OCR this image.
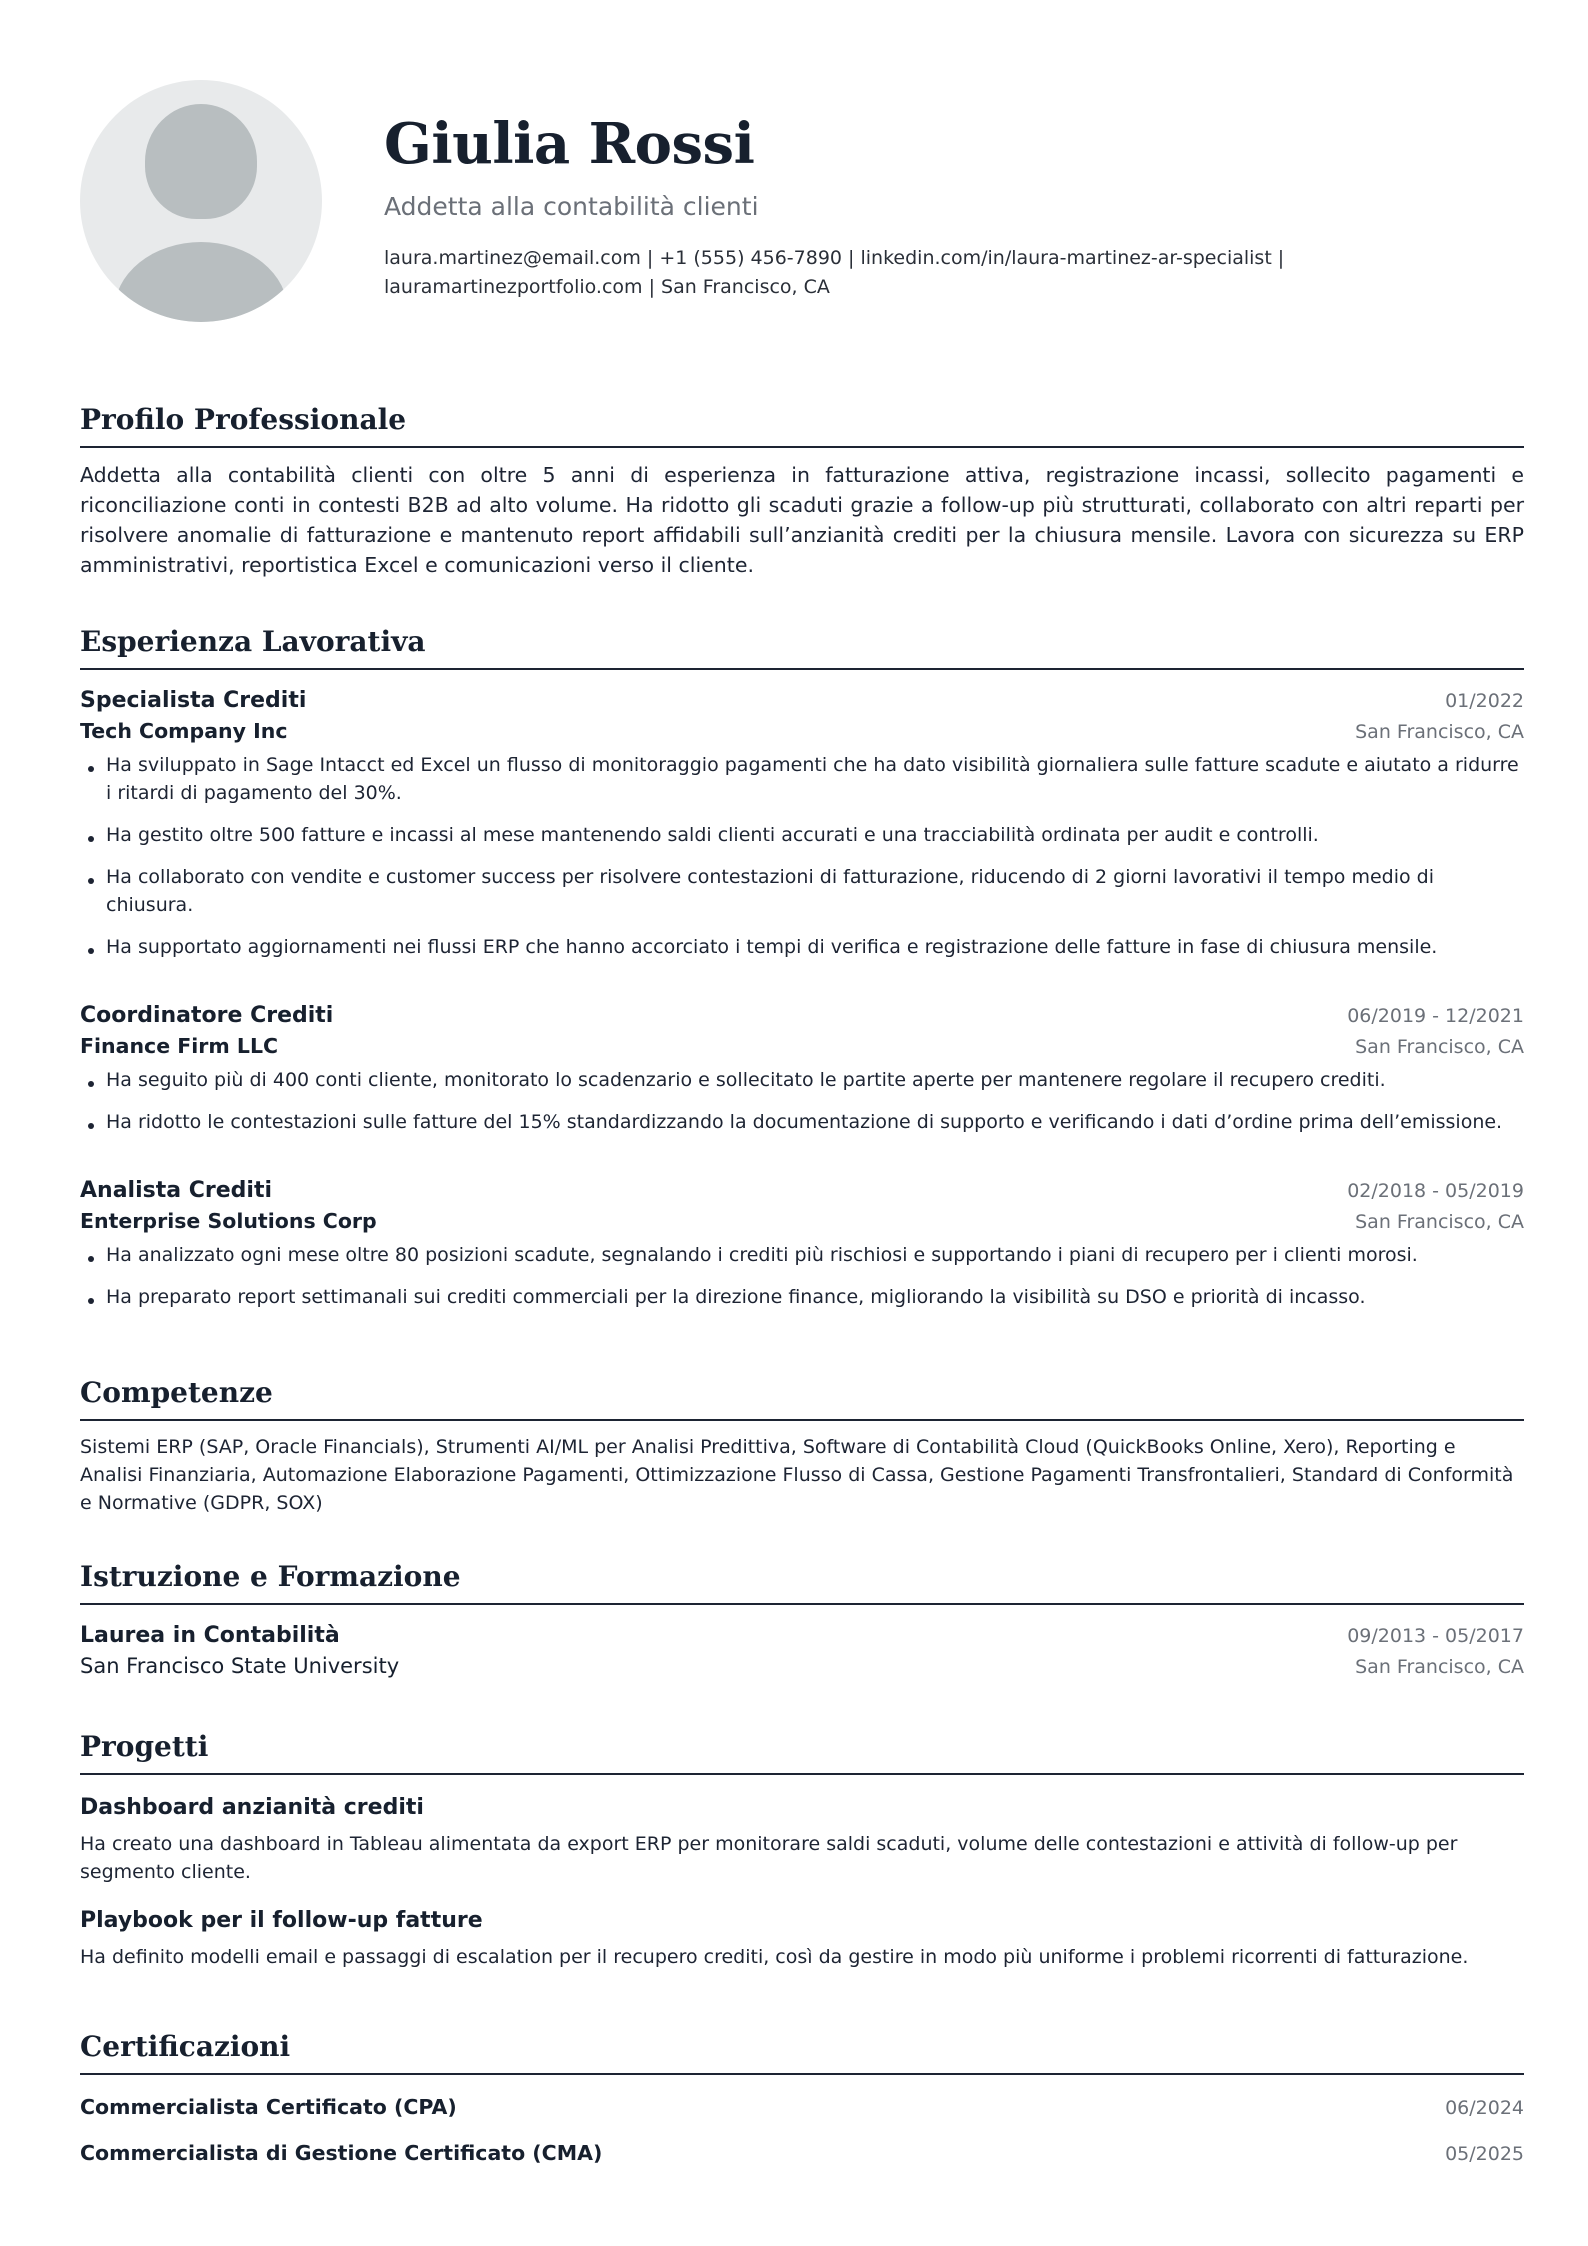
Giulia Rossi
Addetta alla contabilità clienti
laura.martinez@email.com | +1 (555) 456-7890 | linkedin.com/in/laura-martinez-ar-specialist |
lauramartinezportfolio.com | San Francisco, CA
Profilo Professionale
Addetta alla contabilità clienti con oltre 5 anni di esperienza in fatturazione attiva, registrazione incassi, sollecito pagamenti e riconciliazione conti in contesti B2B ad alto volume. Ha ridotto gli scaduti grazie a follow-up più strutturati, collaborato con altri reparti per risolvere anomalie di fatturazione e mantenuto report affidabili sull’anzianità crediti per la chiusura mensile. Lavora con sicurezza su ERP amministrativi, reportistica Excel e comunicazioni verso il cliente.
Esperienza Lavorativa
Specialista Crediti	01/2022
Tech Company Inc	San Francisco, CA
Ha sviluppato in Sage Intacct ed Excel un flusso di monitoraggio pagamenti che ha dato visibilità giornaliera sulle fatture scadute e aiutato a ridurre i ritardi di pagamento del 30%.
Ha gestito oltre 500 fatture e incassi al mese mantenendo saldi clienti accurati e una tracciabilità ordinata per audit e controlli.
Ha collaborato con vendite e customer success per risolvere contestazioni di fatturazione, riducendo di 2 giorni lavorativi il tempo medio di chiusura.
Ha supportato aggiornamenti nei flussi ERP che hanno accorciato i tempi di verifica e registrazione delle fatture in fase di chiusura mensile.
Coordinatore Crediti	06/2019 - 12/2021
Finance Firm LLC	San Francisco, CA
Ha seguito più di 400 conti cliente, monitorato lo scadenzario e sollecitato le partite aperte per mantenere regolare il recupero crediti.
Ha ridotto le contestazioni sulle fatture del 15% standardizzando la documentazione di supporto e verificando i dati d’ordine prima dell’emissione.
Analista Crediti	02/2018 - 05/2019
Enterprise Solutions Corp	San Francisco, CA
Ha analizzato ogni mese oltre 80 posizioni scadute, segnalando i crediti più rischiosi e supportando i piani di recupero per i clienti morosi.
Ha preparato report settimanali sui crediti commerciali per la direzione finance, migliorando la visibilità su DSO e priorità di incasso.
Competenze
Sistemi ERP (SAP, Oracle Financials), Strumenti AI/ML per Analisi Predittiva, Software di Contabilità Cloud (QuickBooks Online, Xero), Reporting e Analisi Finanziaria, Automazione Elaborazione Pagamenti, Ottimizzazione Flusso di Cassa, Gestione Pagamenti Transfrontalieri, Standard di Conformità e Normative (GDPR, SOX)
Istruzione e Formazione
Laurea in Contabilità	09/2013 - 05/2017
San Francisco State University	San Francisco, CA
Progetti
Dashboard anzianità crediti
Ha creato una dashboard in Tableau alimentata da export ERP per monitorare saldi scaduti, volume delle contestazioni e attività di follow-up per segmento cliente.
Playbook per il follow-up fatture
Ha definito modelli email e passaggi di escalation per il recupero crediti, così da gestire in modo più uniforme i problemi ricorrenti di fatturazione.
Certificazioni
Commercialista Certificato (CPA)	06/2024
Commercialista di Gestione Certificato (CMA)	05/2025
